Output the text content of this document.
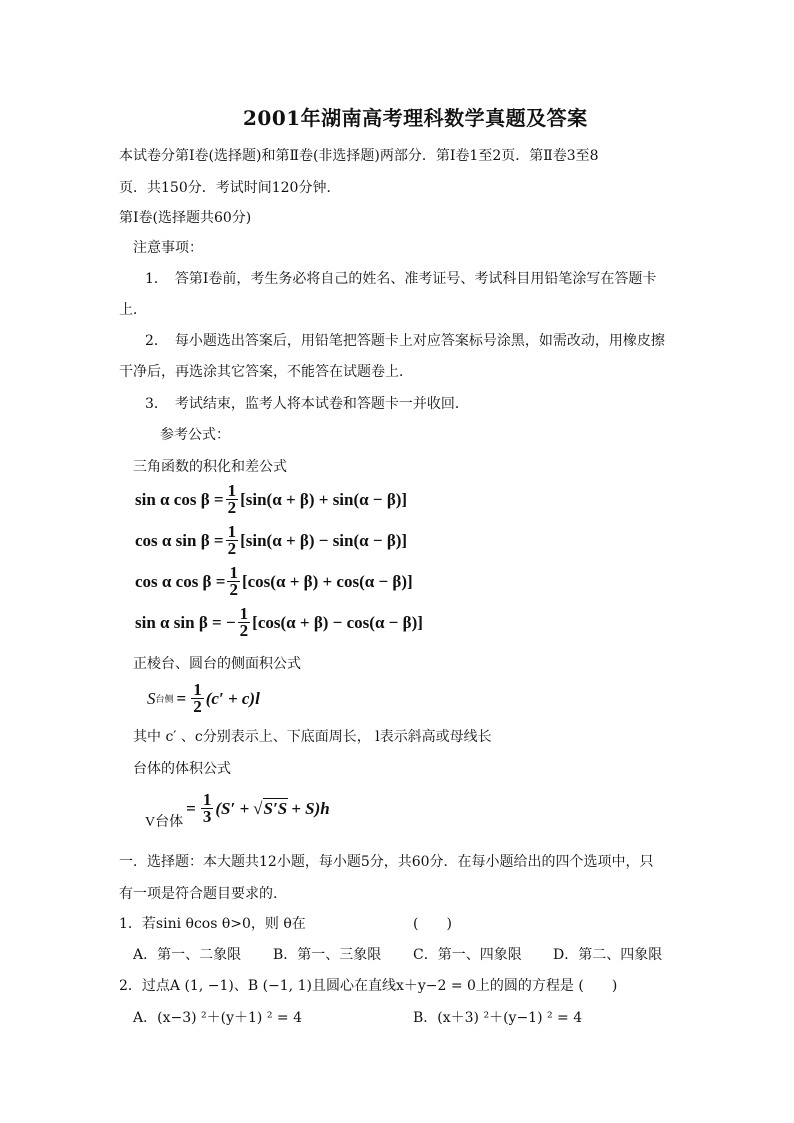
2001年湖南高考理科数学真题及答案
本试卷分第Ⅰ卷(选择题)和第Ⅱ卷(非选择题)两部分．第Ⅰ卷1至2页．第Ⅱ卷3至8
页．共150分．考试时间120分钟．
第Ⅰ卷(选择题共60分)
注意事项：
1．　答第Ⅰ卷前，考生务必将自己的姓名、准考证号、考试科目用铅笔涂写在答题卡
上．
2．　每小题选出答案后，用铅笔把答题卡上对应答案标号涂黑，如需改动，用橡皮擦
干净后，再选涂其它答案，不能答在试题卷上．
3．　考试结束，监考人将本试卷和答题卡一并收回．
参考公式：
三角函数的积化和差公式
sin α $\cos \beta = \frac{1}{2} [\sin(\alpha + \beta) + \sin(\alpha - \beta)]$
cos α $\sin \beta = \frac{1}{2} [\sin(\alpha + \beta) - \sin(\alpha - \beta)]$
cos α $\cos \beta = \frac{1}{2} [\cos(\alpha + \beta) + \cos(\alpha - \beta)]$
sin α sin β = − $\frac{1}{2} [\cos(\alpha + \beta) - \cos(\alpha - \beta)]$
正棱台、圆台的侧面积公式
S 台侧 = $\frac{1}{2} (c' + c)l$
其中 c′ 、c分别表示上、下底面周长， l表示斜高或母线长
台体的体积公式
V台体
= $\frac{1}{3} (S'$ + √ S′S + S)h
一．选择题：本大题共12小题，每小题5分，共60分．在每小题给出的四个选项中，只
有一项是符合题目要求的.
1．若sini θcos θ>0，则 θ在	(　　)
A．第一、二象限 B．第一、三象限 C．第一、四象限 D．第二、四象限
2．过点A (1, −1)、B (−1, 1)且圆心在直线x＋y−2 = 0上的圆的方程是 (　　)
A．(x−3) ²＋(y＋1) ² = 4	B．(x＋3) ²＋(y−1) ² = 4
